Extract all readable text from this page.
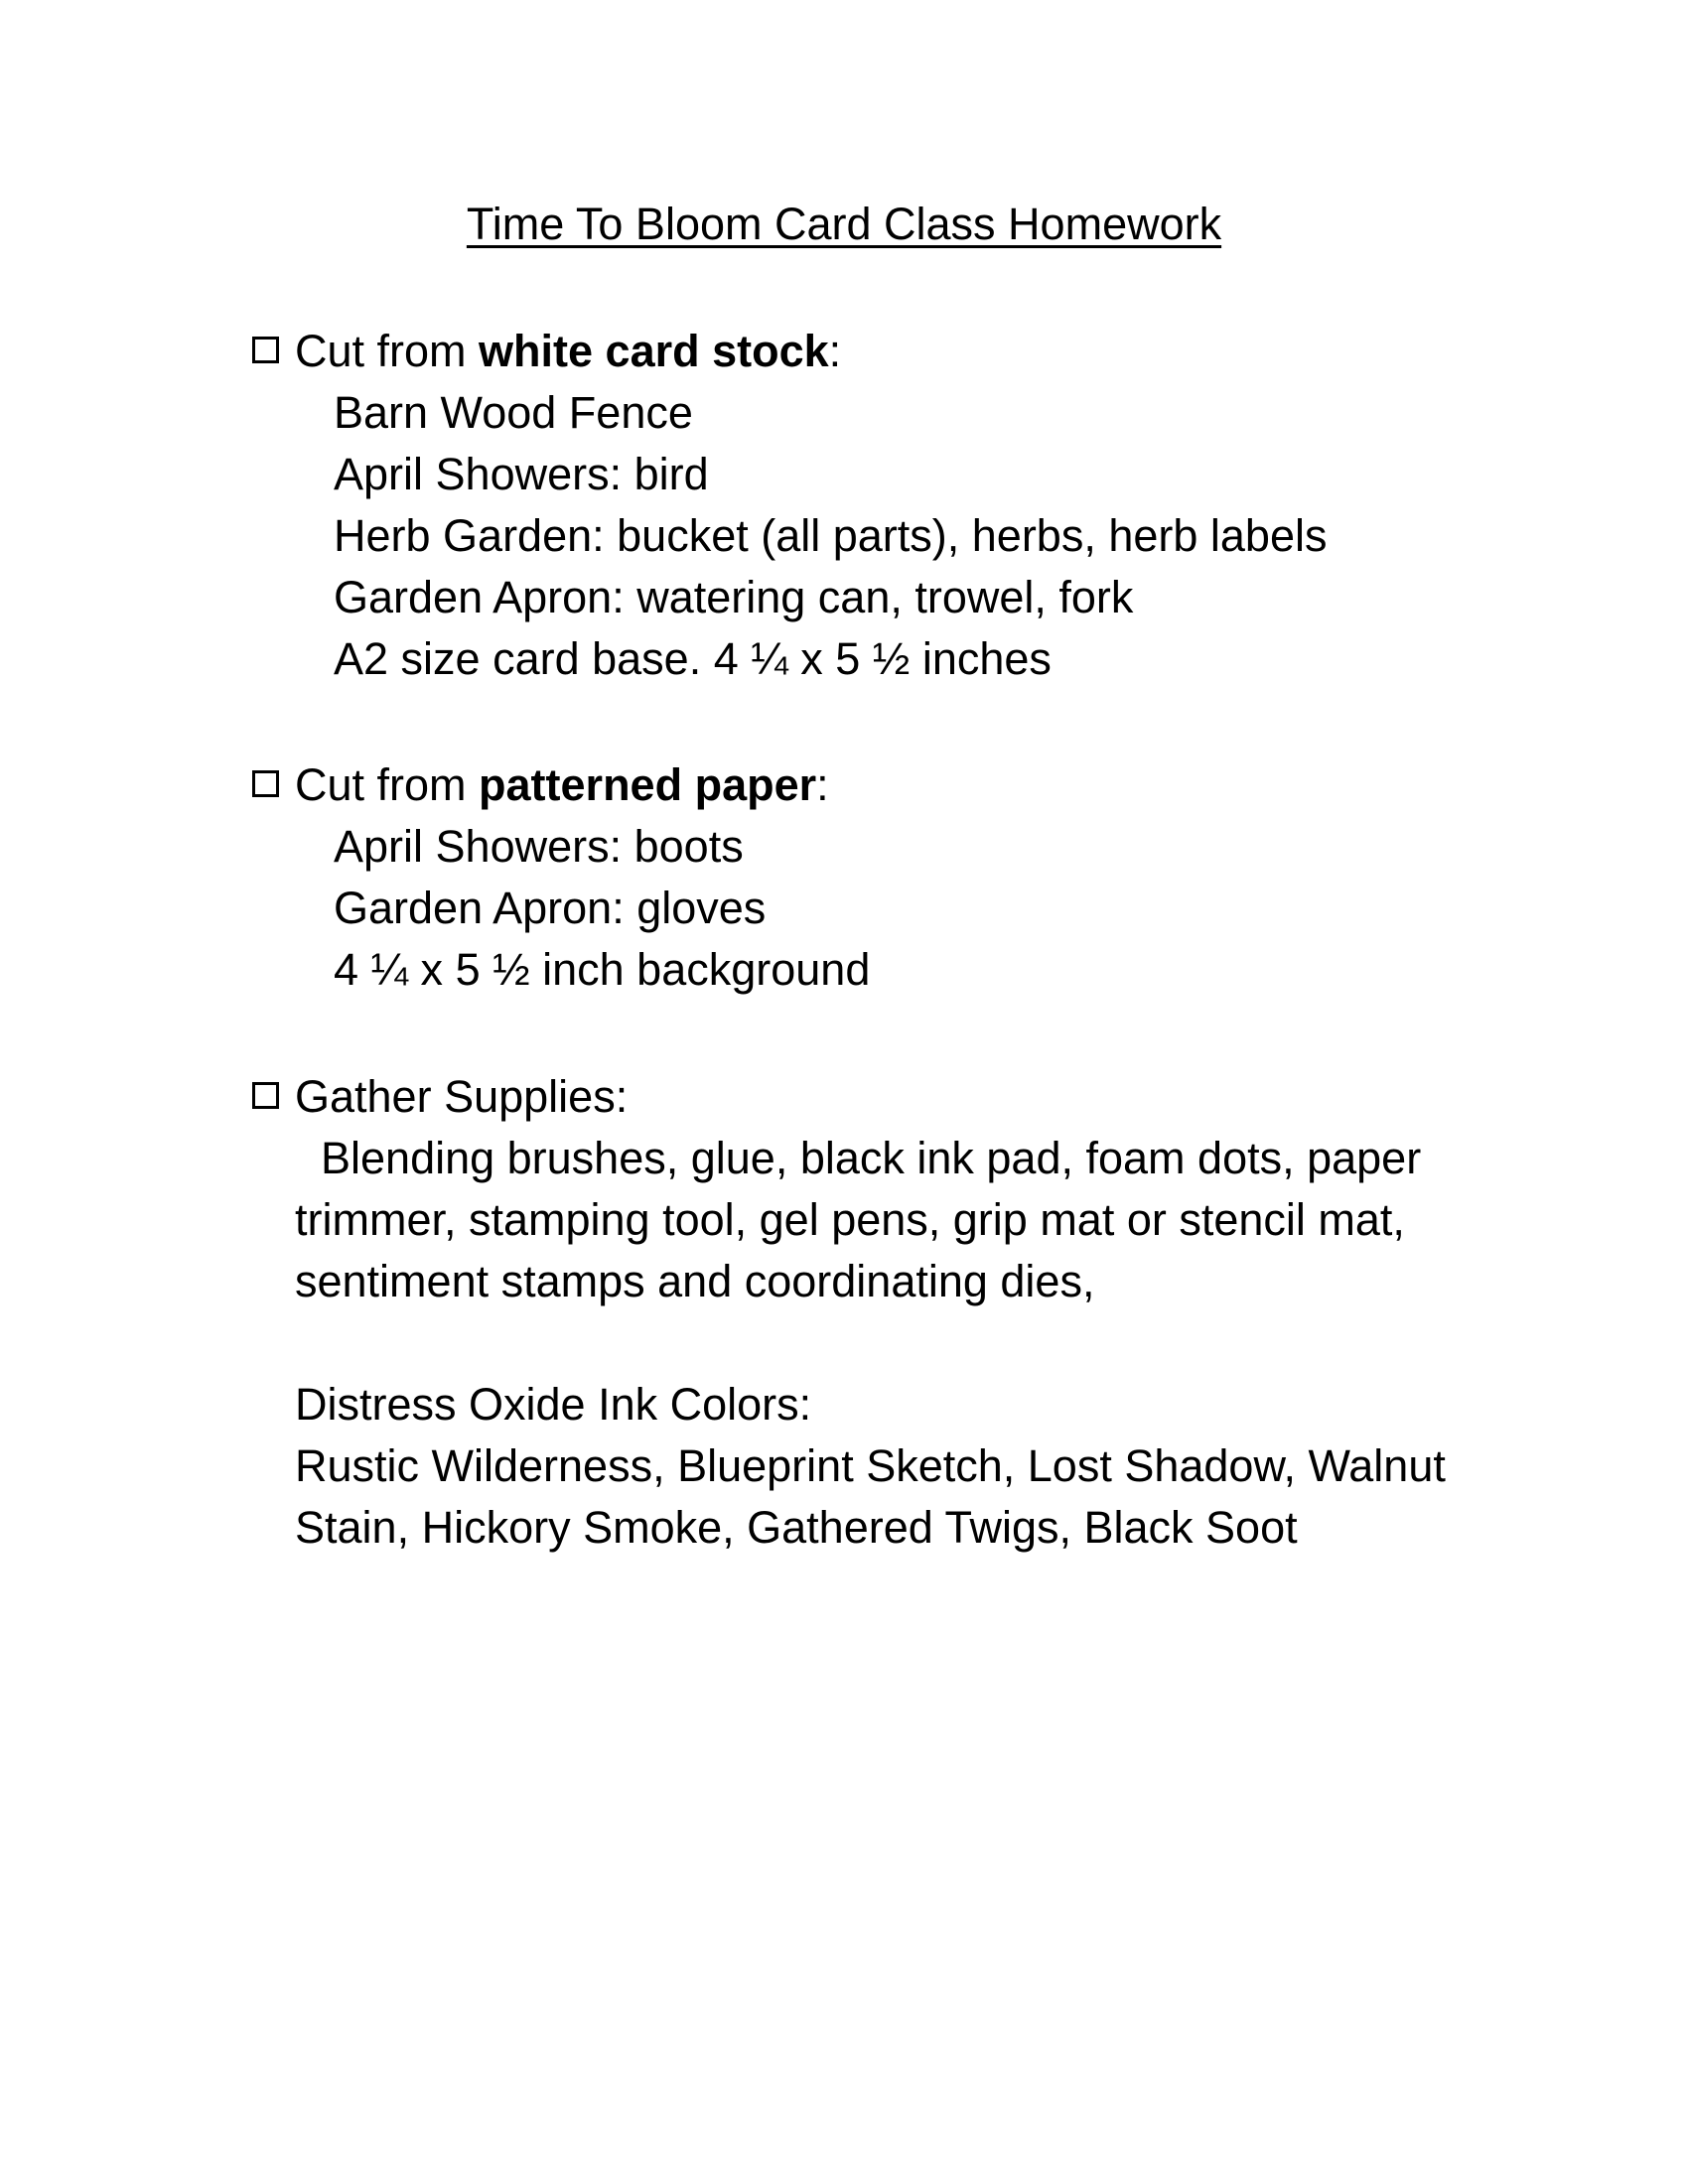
Time To Bloom Card Class Homework
Cut from white card stock:
Barn Wood Fence
April Showers: bird
Herb Garden: bucket (all parts), herbs, herb labels
Garden Apron: watering can, trowel, fork
A2 size card base. 4 ¼ x 5 ½ inches
Cut from patterned paper:
April Showers: boots
Garden Apron: gloves
4 ¼ x 5 ½ inch background
Gather Supplies:
Blending brushes, glue, black ink pad, foam dots, paper trimmer, stamping tool, gel pens, grip mat or stencil mat, sentiment stamps and coordinating dies,
Distress Oxide Ink Colors:
Rustic Wilderness, Blueprint Sketch, Lost Shadow, Walnut Stain, Hickory Smoke, Gathered Twigs, Black Soot
